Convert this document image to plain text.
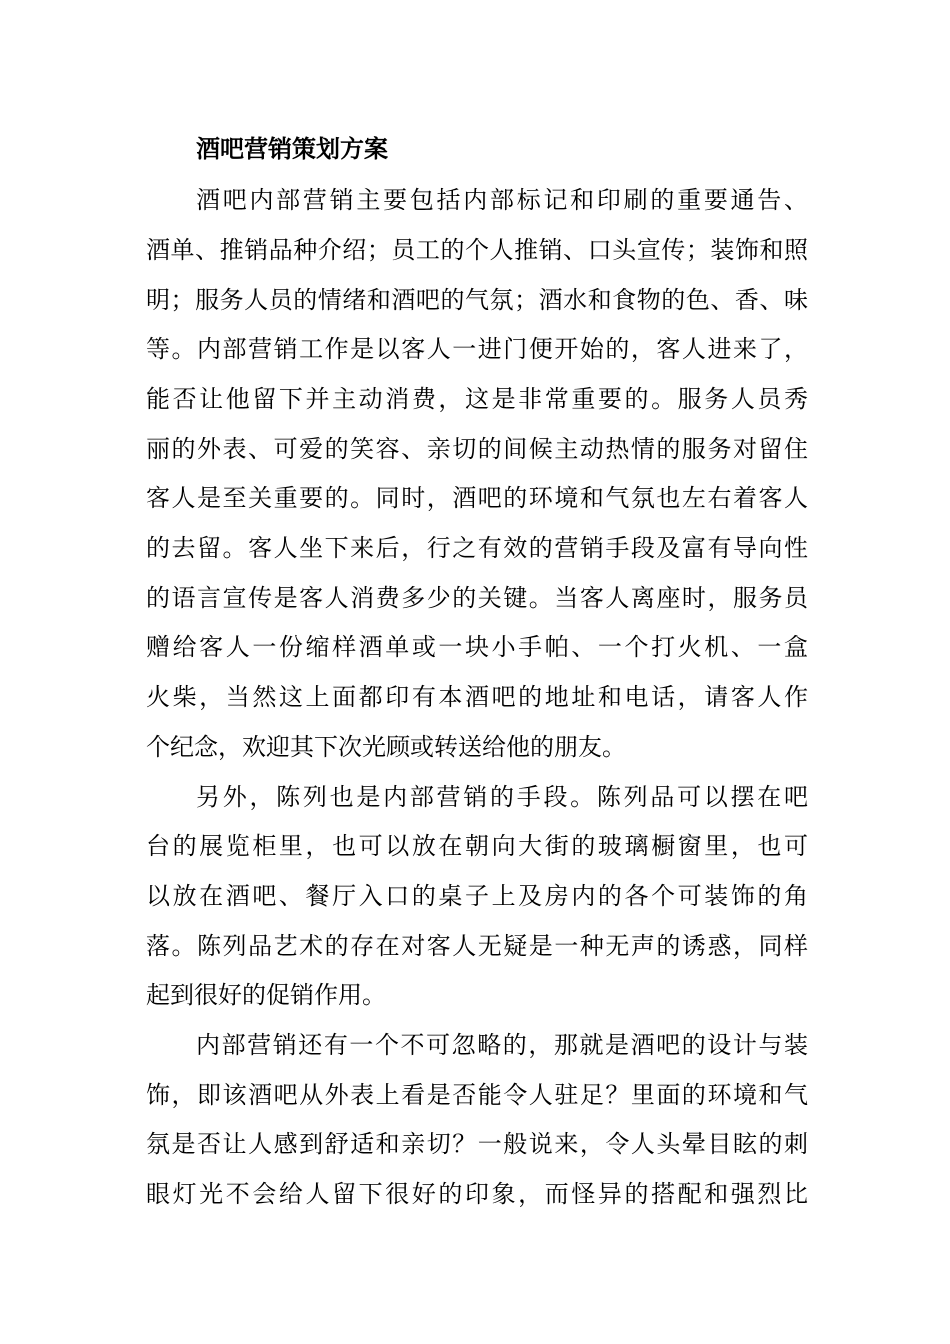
酒吧营销策划方案
酒吧内部营销主要包括内部标记和印刷的重要通告、
酒单、推销品种介绍；员工的个人推销、口头宣传；装饰和照
明；服务人员的情绪和酒吧的气氛；酒水和食物的色、香、味
等。内部营销工作是以客人一进门便开始的，客人进来了，
能否让他留下并主动消费，这是非常重要的。服务人员秀
丽的外表、可爱的笑容、亲切的间候主动热情的服务对留住
客人是至关重要的。同时，酒吧的环境和气氛也左右着客人
的去留。客人坐下来后，行之有效的营销手段及富有导向性
的语言宣传是客人消费多少的关键。当客人离座时，服务员
赠给客人一份缩样酒单或一块小手帕、一个打火机、一盒
火柴，当然这上面都印有本酒吧的地址和电话，请客人作
个纪念，欢迎其下次光顾或转送给他的朋友。
另外，陈列也是内部营销的手段。陈列品可以摆在吧
台的展览柜里，也可以放在朝向大街的玻璃橱窗里，也可
以放在酒吧、餐厅入口的桌子上及房内的各个可装饰的角
落。陈列品艺术的存在对客人无疑是一种无声的诱惑，同样
起到很好的促销作用。
内部营销还有一个不可忽略的，那就是酒吧的设计与装
饰，即该酒吧从外表上看是否能令人驻足？里面的环境和气
氛是否让人感到舒适和亲切？一般说来，令人头晕目眩的刺
眼灯光不会给人留下很好的印象，而怪异的搭配和强烈比
